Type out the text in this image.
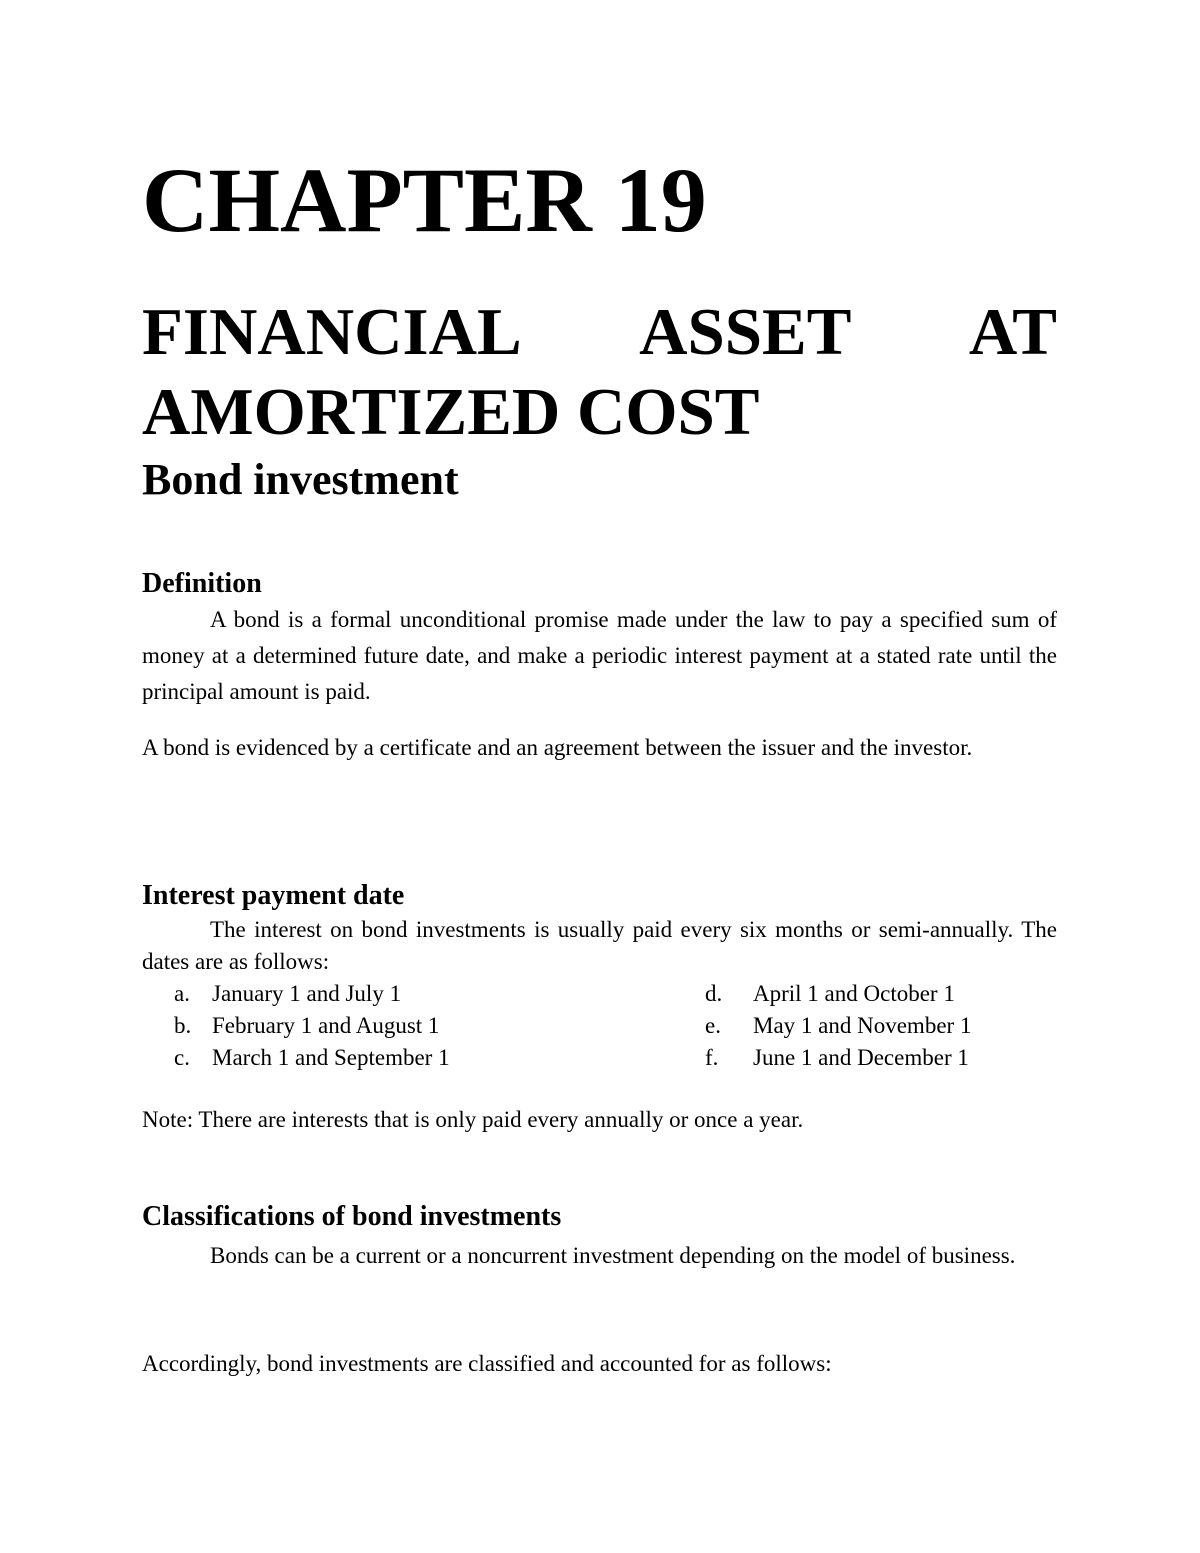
CHAPTER 19
FINANCIAL ASSET AT
AMORTIZED COST
Bond investment
Definition

A bond is a formal unconditional promise made under the law to pay a specified sum of money at a determined future date, and make a periodic interest payment at a stated rate until the principal amount is paid.

A bond is evidenced by a certificate and an agreement between the issuer and the investor.

Interest payment date

The interest on bond investments is usually paid every six months or semi-annually. The dates are as follows:

a. January 1 and July 1	d. April 1 and October 1
b. February 1 and August 1	e. May 1 and November 1
c. March 1 and September 1	f. June 1 and December 1

Note: There are interests that is only paid every annually or once a year.

Classifications of bond investments

Bonds can be a current or a noncurrent investment depending on the model of business.

Accordingly, bond investments are classified and accounted for as follows:
